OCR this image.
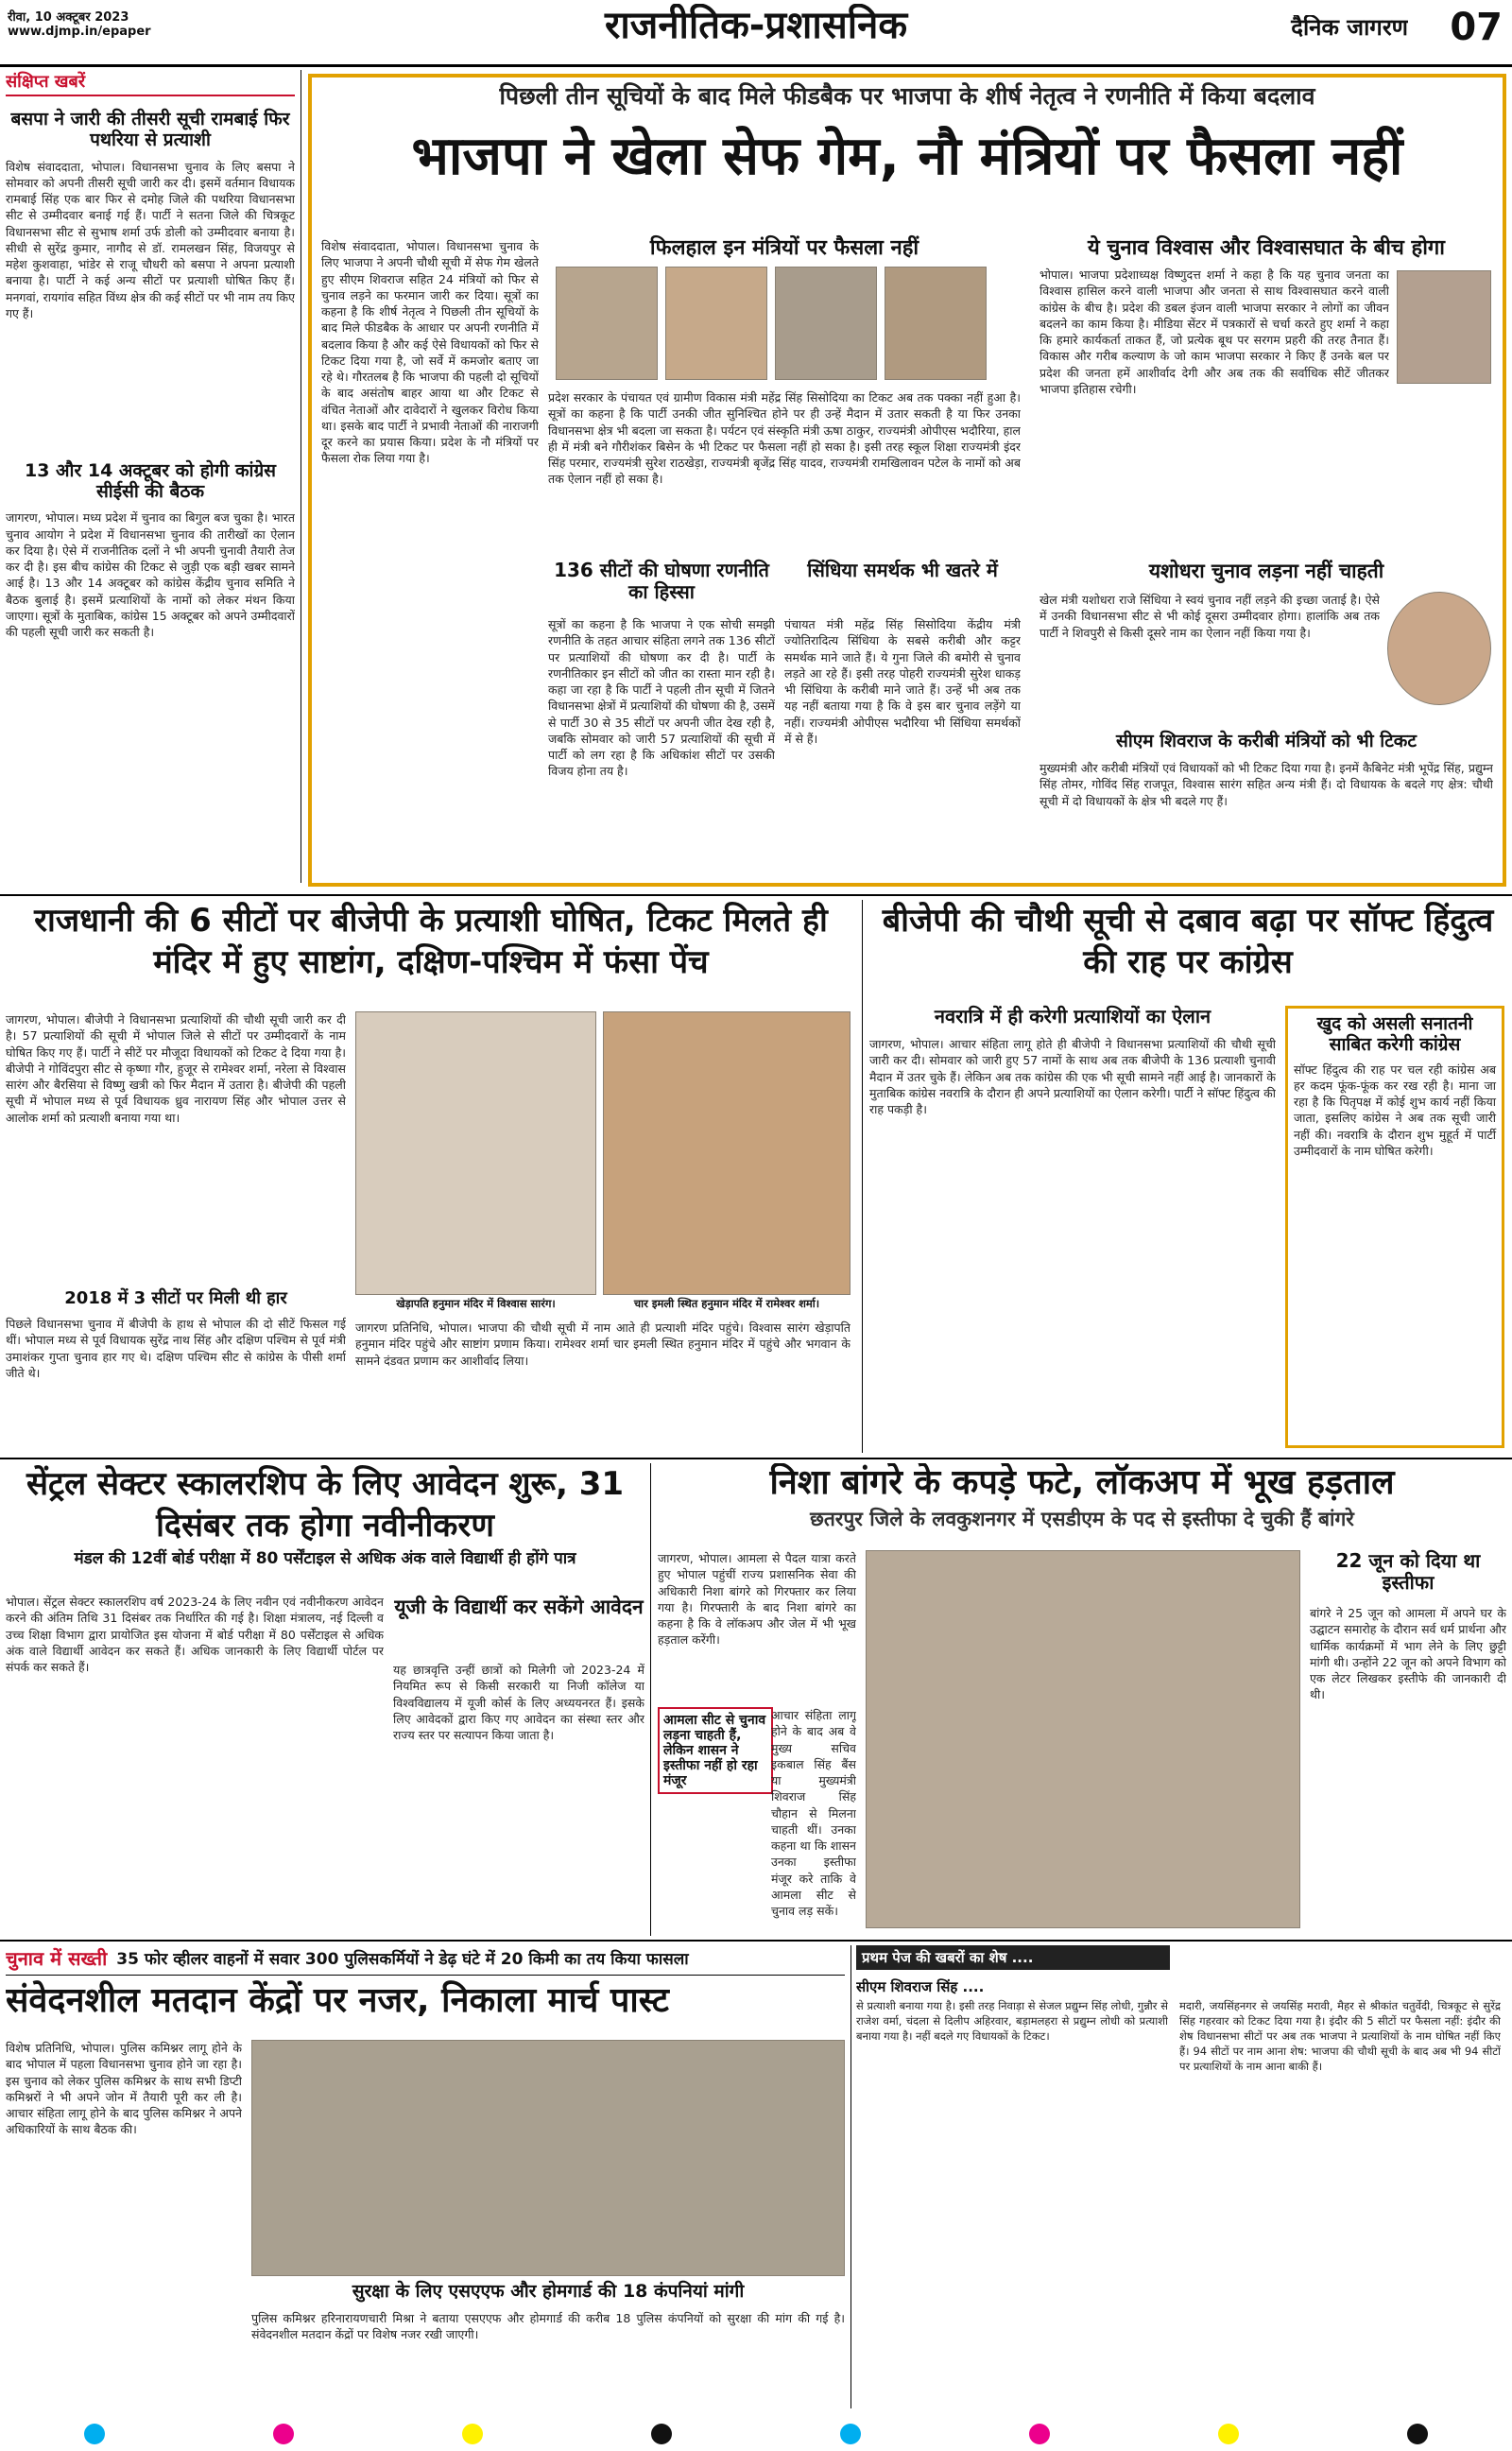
रीवा, 10 अक्टूबर 2023
www.djmp.in/epaper	राजनीतिक-प्रशासनिक	दैनिक जागरण	07
संक्षिप्त खबरें
बसपा ने जारी की तीसरी सूची रामबाई फिर पथरिया से प्रत्याशी
विशेष संवाददाता, भोपाल। विधानसभा चुनाव के लिए बसपा ने सोमवार को अपनी तीसरी सूची जारी कर दी। इसमें वर्तमान विधायक रामबाई सिंह एक बार फिर से दमोह जिले की पथरिया विधानसभा सीट से उम्मीदवार बनाई गई हैं। पार्टी ने सतना जिले की चित्रकूट विधानसभा सीट से सुभाष शर्मा उर्फ डोली को उम्मीदवार बनाया है। सीधी से सुरेंद्र कुमार, नागौद से डॉ. रामलखन सिंह, विजयपुर से महेश कुशवाहा, भांडेर से राजू चौधरी को बसपा ने अपना प्रत्याशी बनाया है। पार्टी ने कई अन्य सीटों पर प्रत्याशी घोषित किए हैं। मनगवां, रायगांव सहित विंध्य क्षेत्र की कई सीटों पर भी नाम तय किए गए हैं।
13 और 14 अक्टूबर को होगी कांग्रेस सीईसी की बैठक
जागरण, भोपाल। मध्य प्रदेश में चुनाव का बिगुल बज चुका है। भारत चुनाव आयोग ने प्रदेश में विधानसभा चुनाव की तारीखों का ऐलान कर दिया है। ऐसे में राजनीतिक दलों ने भी अपनी चुनावी तैयारी तेज कर दी है। इस बीच कांग्रेस की टिकट से जुड़ी एक बड़ी खबर सामने आई है। 13 और 14 अक्टूबर को कांग्रेस केंद्रीय चुनाव समिति ने बैठक बुलाई है। इसमें प्रत्याशियों के नामों को लेकर मंथन किया जाएगा। सूत्रों के मुताबिक, कांग्रेस 15 अक्टूबर को अपने उम्मीदवारों की पहली सूची जारी कर सकती है।
पिछली तीन सूचियों के बाद मिले फीडबैक पर भाजपा के शीर्ष नेतृत्व ने रणनीति में किया बदलाव
भाजपा ने खेला सेफ गेम, नौ मंत्रियों पर फैसला नहीं
विशेष संवाददाता, भोपाल। विधानसभा चुनाव के लिए भाजपा ने अपनी चौथी सूची में सेफ गेम खेलते हुए सीएम शिवराज सहित 24 मंत्रियों को फिर से चुनाव लड़ने का फरमान जारी कर दिया। सूत्रों का कहना है कि शीर्ष नेतृत्व ने पिछली तीन सूचियों के बाद मिले फीडबैक के आधार पर अपनी रणनीति में बदलाव किया है और कई ऐसे विधायकों को फिर से टिकट दिया गया है, जो सर्वे में कमजोर बताए जा रहे थे। गौरतलब है कि भाजपा की पहली दो सूचियों के बाद असंतोष बाहर आया था और टिकट से वंचित नेताओं और दावेदारों ने खुलकर विरोध किया था। इसके बाद पार्टी ने प्रभावी नेताओं की नाराजगी दूर करने का प्रयास किया। प्रदेश के नौ मंत्रियों पर फैसला रोक लिया गया है।
फिलहाल इन मंत्रियों पर फैसला नहीं
प्रदेश सरकार के पंचायत एवं ग्रामीण विकास मंत्री महेंद्र सिंह सिसोदिया का टिकट अब तक पक्का नहीं हुआ है। सूत्रों का कहना है कि पार्टी उनकी जीत सुनिश्चित होने पर ही उन्हें मैदान में उतार सकती है या फिर उनका विधानसभा क्षेत्र भी बदला जा सकता है। पर्यटन एवं संस्कृति मंत्री ऊषा ठाकुर, राज्यमंत्री ओपीएस भदौरिया, हाल ही में मंत्री बने गौरीशंकर बिसेन के भी टिकट पर फैसला नहीं हो सका है। इसी तरह स्कूल शिक्षा राज्यमंत्री इंदर सिंह परमार, राज्यमंत्री सुरेश राठखेड़ा, राज्यमंत्री बृजेंद्र सिंह यादव, राज्यमंत्री रामखिलावन पटेल के नामों को अब तक ऐलान नहीं हो सका है।
ये चुनाव विश्वास और विश्वासघात के बीच होगा
भोपाल। भाजपा प्रदेशाध्यक्ष विष्णुदत्त शर्मा ने कहा है कि यह चुनाव जनता का विश्वास हासिल करने वाली भाजपा और जनता से साथ विश्वासघात करने वाली कांग्रेस के बीच है। प्रदेश की डबल इंजन वाली भाजपा सरकार ने लोगों का जीवन बदलने का काम किया है। मीडिया सेंटर में पत्रकारों से चर्चा करते हुए शर्मा ने कहा कि हमारे कार्यकर्ता ताकत हैं, जो प्रत्येक बूथ पर सरगम प्रहरी की तरह तैनात हैं। विकास और गरीब कल्याण के जो काम भाजपा सरकार ने किए हैं उनके बल पर प्रदेश की जनता हमें आशीर्वाद देगी और अब तक की सर्वाधिक सीटें जीतकर भाजपा इतिहास रचेगी।
136 सीटों की घोषणा रणनीति का हिस्सा
सूत्रों का कहना है कि भाजपा ने एक सोची समझी रणनीति के तहत आचार संहिता लगने तक 136 सीटों पर प्रत्याशियों की घोषणा कर दी है। पार्टी के रणनीतिकार इन सीटों को जीत का रास्ता मान रही है। कहा जा रहा है कि पार्टी ने पहली तीन सूची में जितने विधानसभा क्षेत्रों में प्रत्याशियों की घोषणा की है, उसमें से पार्टी 30 से 35 सीटों पर अपनी जीत देख रही है, जबकि सोमवार को जारी 57 प्रत्याशियों की सूची में पार्टी को लग रहा है कि अधिकांश सीटों पर उसकी विजय होना तय है।
सिंधिया समर्थक भी खतरे में
पंचायत मंत्री महेंद्र सिंह सिसोदिया केंद्रीय मंत्री ज्योतिरादित्य सिंधिया के सबसे करीबी और कट्टर समर्थक माने जाते हैं। ये गुना जिले की बमोरी से चुनाव लड़ते आ रहे हैं। इसी तरह पोहरी राज्यमंत्री सुरेश धाकड़ भी सिंधिया के करीबी माने जाते हैं। उन्हें भी अब तक यह नहीं बताया गया है कि वे इस बार चुनाव लड़ेंगे या नहीं। राज्यमंत्री ओपीएस भदौरिया भी सिंधिया समर्थकों में से हैं।
यशोधरा चुनाव लड़ना नहीं चाहती
खेल मंत्री यशोधरा राजे सिंधिया ने स्वयं चुनाव नहीं लड़ने की इच्छा जताई है। ऐसे में उनकी विधानसभा सीट से भी कोई दूसरा उम्मीदवार होगा। हालांकि अब तक पार्टी ने शिवपुरी से किसी दूसरे नाम का ऐलान नहीं किया गया है।
सीएम शिवराज के करीबी मंत्रियों को भी टिकट
मुख्यमंत्री और करीबी मंत्रियों एवं विधायकों को भी टिकट दिया गया है। इनमें कैबिनेट मंत्री भूपेंद्र सिंह, प्रद्युम्न सिंह तोमर, गोविंद सिंह राजपूत, विश्वास सारंग सहित अन्य मंत्री हैं। दो विधायक के बदले गए क्षेत्र: चौथी सूची में दो विधायकों के क्षेत्र भी बदले गए हैं।
राजधानी की 6 सीटों पर बीजेपी के प्रत्याशी घोषित, टिकट मिलते ही मंदिर में हुए साष्टांग, दक्षिण-पश्चिम में फंसा पेंच
जागरण, भोपाल। बीजेपी ने विधानसभा प्रत्याशियों की चौथी सूची जारी कर दी है। 57 प्रत्याशियों की सूची में भोपाल जिले से सीटों पर उम्मीदवारों के नाम घोषित किए गए हैं। पार्टी ने सीटें पर मौजूदा विधायकों को टिकट दे दिया गया है। बीजेपी ने गोविंदपुरा सीट से कृष्णा गौर, हुजूर से रामेश्वर शर्मा, नरेला से विश्वास सारंग और बैरसिया से विष्णु खत्री को फिर मैदान में उतारा है। बीजेपी की पहली सूची में भोपाल मध्य से पूर्व विधायक ध्रुव नारायण सिंह और भोपाल उत्तर से आलोक शर्मा को प्रत्याशी बनाया गया था।
2018 में 3 सीटों पर मिली थी हार
पिछले विधानसभा चुनाव में बीजेपी के हाथ से भोपाल की दो सीटें फिसल गई थीं। भोपाल मध्य से पूर्व विधायक सुरेंद्र नाथ सिंह और दक्षिण पश्चिम से पूर्व मंत्री उमाशंकर गुप्ता चुनाव हार गए थे। दक्षिण पश्चिम सीट से कांग्रेस के पीसी शर्मा जीते थे।
खेड़ापति हनुमान मंदिर में विश्वास सारंग।	चार इमली स्थित हनुमान मंदिर में रामेश्वर शर्मा।
जागरण प्रतिनिधि, भोपाल। भाजपा की चौथी सूची में नाम आते ही प्रत्याशी मंदिर पहुंचे। विश्वास सारंग खेड़ापति हनुमान मंदिर पहुंचे और साष्टांग प्रणाम किया। रामेश्वर शर्मा चार इमली स्थित हनुमान मंदिर में पहुंचे और भगवान के सामने दंडवत प्रणाम कर आशीर्वाद लिया।
बीजेपी की चौथी सूची से दबाव बढ़ा पर सॉफ्ट हिंदुत्व की राह पर कांग्रेस
नवरात्रि में ही करेगी प्रत्याशियों का ऐलान
जागरण, भोपाल। आचार संहिता लागू होते ही बीजेपी ने विधानसभा प्रत्याशियों की चौथी सूची जारी कर दी। सोमवार को जारी हुए 57 नामों के साथ अब तक बीजेपी के 136 प्रत्याशी चुनावी मैदान में उतर चुके हैं। लेकिन अब तक कांग्रेस की एक भी सूची सामने नहीं आई है। जानकारों के मुताबिक कांग्रेस नवरात्रि के दौरान ही अपने प्रत्याशियों का ऐलान करेगी। पार्टी ने सॉफ्ट हिंदुत्व की राह पकड़ी है।
खुद को असली सनातनी साबित करेगी कांग्रेस
सॉफ्ट हिंदुत्व की राह पर चल रही कांग्रेस अब हर कदम फूंक-फूंक कर रख रही है। माना जा रहा है कि पितृपक्ष में कोई शुभ कार्य नहीं किया जाता, इसलिए कांग्रेस ने अब तक सूची जारी नहीं की। नवरात्रि के दौरान शुभ मुहूर्त में पार्टी उम्मीदवारों के नाम घोषित करेगी।
सेंट्रल सेक्टर स्कालरशिप के लिए आवेदन शुरू, 31 दिसंबर तक होगा नवीनीकरण
मंडल की 12वीं बोर्ड परीक्षा में 80 पर्सेंटाइल से अधिक अंक वाले विद्यार्थी ही होंगे पात्र
भोपाल। सेंट्रल सेक्टर स्कालरशिप वर्ष 2023-24 के लिए नवीन एवं नवीनीकरण आवेदन करने की अंतिम तिथि 31 दिसंबर तक निर्धारित की गई है। शिक्षा मंत्रालय, नई दिल्ली व उच्च शिक्षा विभाग द्वारा प्रायोजित इस योजना में बोर्ड परीक्षा में 80 पर्सेंटाइल से अधिक अंक वाले विद्यार्थी आवेदन कर सकते हैं। अधिक जानकारी के लिए विद्यार्थी पोर्टल पर संपर्क कर सकते हैं।
यूजी के विद्यार्थी कर सकेंगे आवेदन
यह छात्रवृत्ति उन्हीं छात्रों को मिलेगी जो 2023-24 में नियमित रूप से किसी सरकारी या निजी कॉलेज या विश्वविद्यालय में यूजी कोर्स के लिए अध्ययनरत हैं। इसके लिए आवेदकों द्वारा किए गए आवेदन का संस्था स्तर और राज्य स्तर पर सत्यापन किया जाता है।
निशा बांगरे के कपड़े फटे, लॉकअप में भूख हड़ताल
छतरपुर जिले के लवकुशनगर में एसडीएम के पद से इस्तीफा दे चुकी हैं बांगरे
जागरण, भोपाल। आमला से पैदल यात्रा करते हुए भोपाल पहुंचीं राज्य प्रशासनिक सेवा की अधिकारी निशा बांगरे को गिरफ्तार कर लिया गया है। गिरफ्तारी के बाद निशा बांगरे का कहना है कि वे लॉकअप और जेल में भी भूख हड़ताल करेंगी।
आमला सीट से चुनाव लड़ना चाहती हैं, लेकिन शासन ने इस्तीफा नहीं हो रहा मंजूर
आचार संहिता लागू होने के बाद अब वे मुख्य सचिव इकबाल सिंह बैंस या मुख्यमंत्री शिवराज सिंह चौहान से मिलना चाहती थीं। उनका कहना था कि शासन उनका इस्तीफा मंजूर करे ताकि वे आमला सीट से चुनाव लड़ सकें।
22 जून को दिया था इस्तीफा
बांगरे ने 25 जून को आमला में अपने घर के उद्घाटन समारोह के दौरान सर्व धर्म प्रार्थना और धार्मिक कार्यक्रमों में भाग लेने के लिए छुट्टी मांगी थी। उन्होंने 22 जून को अपने विभाग को एक लेटर लिखकर इस्तीफे की जानकारी दी थी।
चुनाव में सख्ती 35 फोर व्हीलर वाहनों में सवार 300 पुलिसकर्मियों ने डेढ़ घंटे में 20 किमी का तय किया फासला
संवेदनशील मतदान केंद्रों पर नजर, निकाला मार्च पास्ट
विशेष प्रतिनिधि, भोपाल। पुलिस कमिश्नर लागू होने के बाद भोपाल में पहला विधानसभा चुनाव होने जा रहा है। इस चुनाव को लेकर पुलिस कमिश्नर के साथ सभी डिप्टी कमिश्नरों ने भी अपने जोन में तैयारी पूरी कर ली है। आचार संहिता लागू होने के बाद पुलिस कमिश्नर ने अपने अधिकारियों के साथ बैठक की।
सुरक्षा के लिए एसएएफ और होमगार्ड की 18 कंपनियां मांगी
पुलिस कमिश्नर हरिनारायणचारी मिश्रा ने बताया एसएएफ और होमगार्ड की करीब 18 पुलिस कंपनियों को सुरक्षा की मांग की गई है। संवेदनशील मतदान केंद्रों पर विशेष नजर रखी जाएगी।
प्रथम पेज की खबरों का शेष ....
सीएम शिवराज सिंह ....
से प्रत्याशी बनाया गया है। इसी तरह निवाड़ा से सेजल प्रद्युम्न सिंह लोधी, गुन्नौर से राजेश वर्मा, चंदला से दिलीप अहिरवार, बड़ामलहरा से प्रद्युम्न लोधी को प्रत्याशी बनाया गया है। नहीं बदले गए विधायकों के टिकट।
मदारी, जयसिंहनगर से जयसिंह मरावी, मैहर से श्रीकांत चतुर्वेदी, चित्रकूट से सुरेंद्र सिंह गहरवार को टिकट दिया गया है। इंदौर की 5 सीटों पर फैसला नहीं: इंदौर की शेष विधानसभा सीटों पर अब तक भाजपा ने प्रत्याशियों के नाम घोषित नहीं किए हैं। 94 सीटों पर नाम आना शेष: भाजपा की चौथी सूची के बाद अब भी 94 सीटों पर प्रत्याशियों के नाम आना बाकी हैं।
